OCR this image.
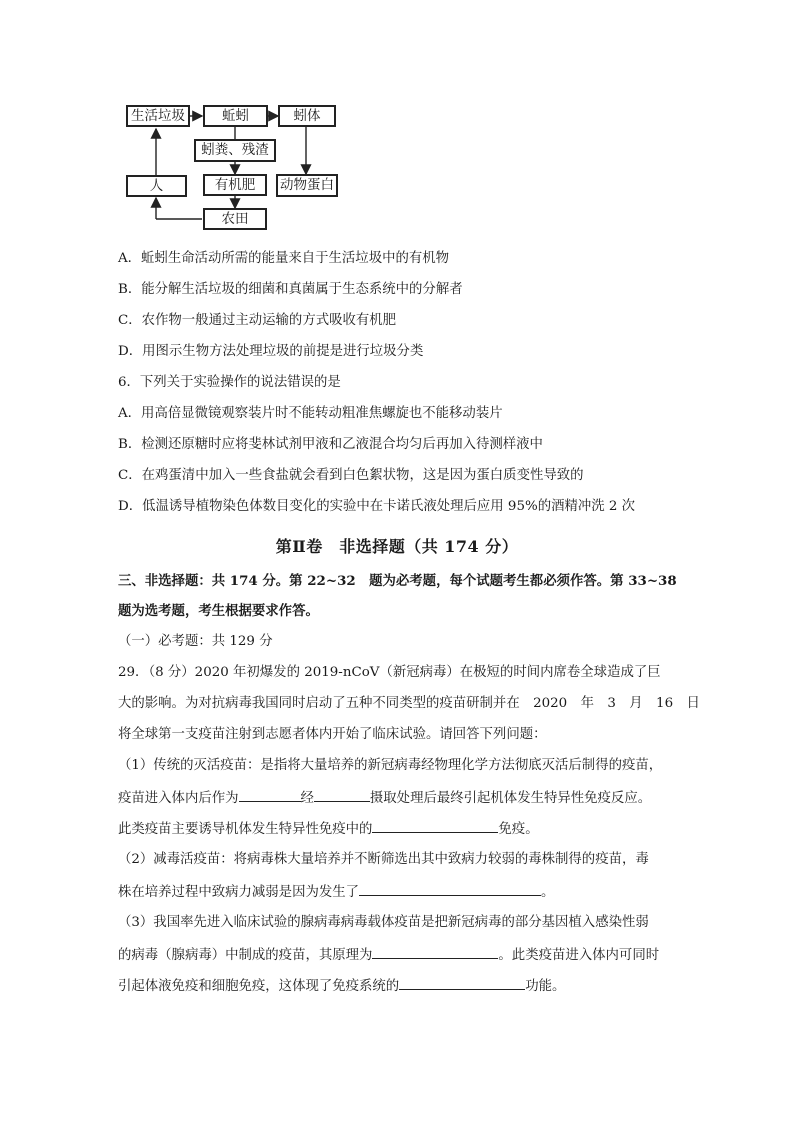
生活垃圾	蚯蚓	蚓体
蚓粪、残渣
人	有机肥	动物蛋白
农田
A．蚯蚓生命活动所需的能量来自于生活垃圾中的有机物
B．能分解生活垃圾的细菌和真菌属于生态系统中的分解者
C．农作物一般通过主动运输的方式吸收有机肥
D．用图示生物方法处理垃圾的前提是进行垃圾分类
6．下列关于实验操作的说法错误的是
A．用高倍显微镜观察装片时不能转动粗准焦螺旋也不能移动装片
B．检测还原糖时应将斐林试剂甲液和乙液混合均匀后再加入待测样液中
C．在鸡蛋清中加入一些食盐就会看到白色絮状物，这是因为蛋白质变性导致的
D．低温诱导植物染色体数目变化的实验中在卡诺氏液处理后应用 95%的酒精冲洗 2 次
第Ⅱ卷　非选择题（共 174 分）
三、非选择题：共 174 分。第 22~32　题为必考题，每个试题考生都必须作答。第 33~38
题为选考题，考生根据要求作答。
（一）必考题：共 129 分
29．（8 分）2020 年初爆发的 2019-nCoV（新冠病毒）在极短的时间内席卷全球造成了巨
大的影响。为对抗病毒我国同时启动了五种不同类型的疫苗研制并在　2020　年　3　月　16　日
将全球第一支疫苗注射到志愿者体内开始了临床试验。请回答下列问题：
（1）传统的灭活疫苗：是指将大量培养的新冠病毒经物理化学方法彻底灭活后制得的疫苗，
疫苗进入体内后作为	经	摄取处理后最终引起机体发生特异性免疫反应。
此类疫苗主要诱导机体发生特异性免疫中的	免疫。
（2）减毒活疫苗：将病毒株大量培养并不断筛选出其中致病力较弱的毒株制得的疫苗，毒
株在培养过程中致病力减弱是因为发生了	。
（3）我国率先进入临床试验的腺病毒病毒载体疫苗是把新冠病毒的部分基因植入感染性弱
的病毒（腺病毒）中制成的疫苗，其原理为	。此类疫苗进入体内可同时
引起体液免疫和细胞免疫，这体现了免疫系统的	功能。
